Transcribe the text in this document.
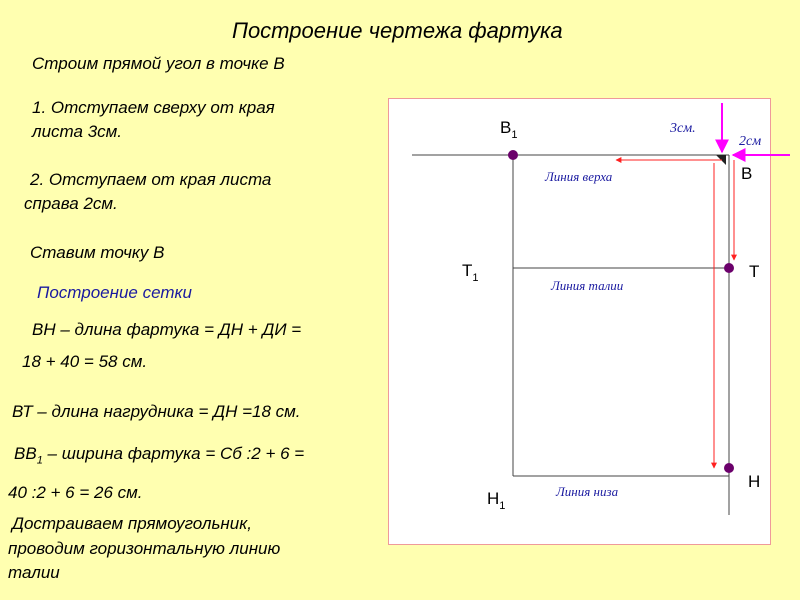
Построение чертежа фартука
Строим прямой угол в точке В
1. Отступаем сверху от края
листа 3см.
2. Отступаем от края листа
справа 2см.
Ставим точку В
Построение сетки
ВН – длина фартука = ДН + ДИ =
18 + 40 = 58 см.
ВТ – длина нагрудника = ДН =18 см.
$ВВ_1$ – ширина фартука = Сб :2 + 6 =
40 :2 + 6 = 26 см.
Достраиваем прямоугольник,
проводим горизонтальную линию
талии
$В_1$
$Т_1$
$Н_1$
В
Т
Н
3см.
2см
Линия верха
Линия талии
Линия низа
